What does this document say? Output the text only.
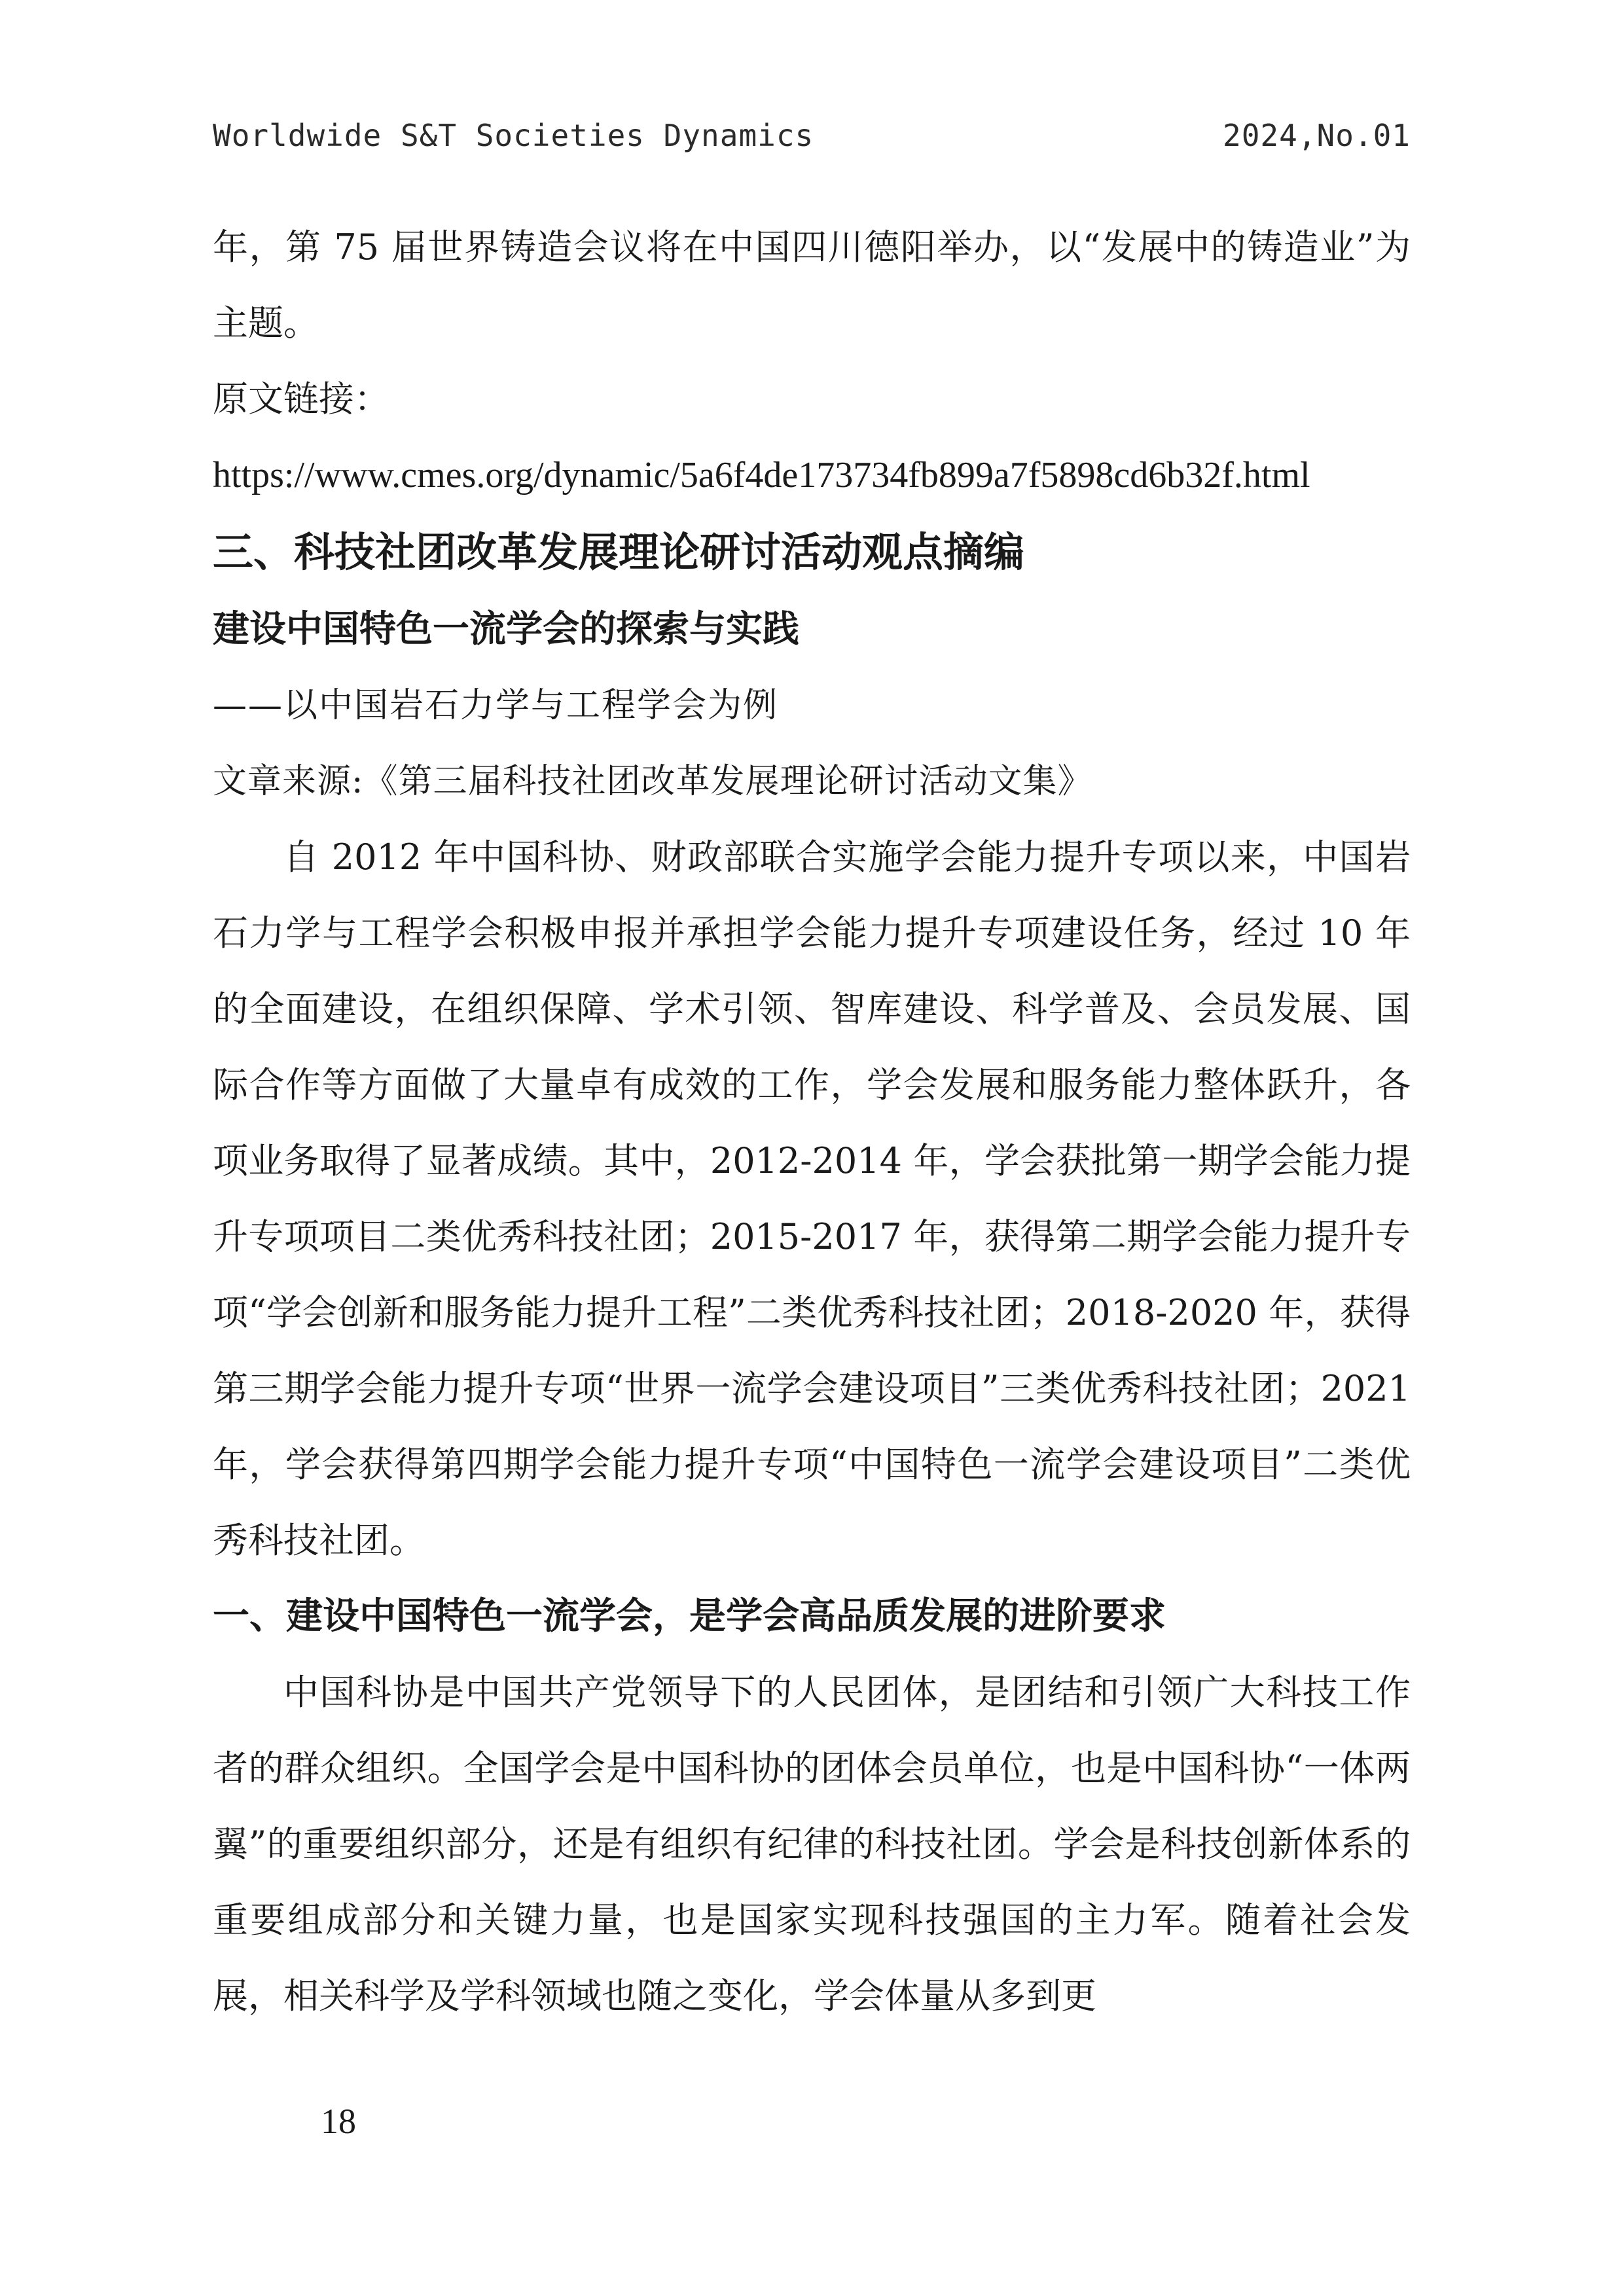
Worldwide S&T Societies Dynamics	2024,No.01

年，第 75 届世界铸造会议将在中国四川德阳举办，以“发展中的铸造业”为主题。

原文链接：

https://www.cmes.org/dynamic/5a6f4de173734fb899a7f5898cd6b32f.html

三、科技社团改革发展理论研讨活动观点摘编

建设中国特色一流学会的探索与实践

——以中国岩石力学与工程学会为例

文章来源:《第三届科技社团改革发展理论研讨活动文集》

自 2012 年中国科协、财政部联合实施学会能力提升专项以来，中国岩石力学与工程学会积极申报并承担学会能力提升专项建设任务，经过 10 年的全面建设，在组织保障、学术引领、智库建设、科学普及、会员发展、国际合作等方面做了大量卓有成效的工作，学会发展和服务能力整体跃升，各项业务取得了显著成绩。其中，2012-2014 年，学会获批第一期学会能力提升专项项目二类优秀科技社团；2015-2017 年，获得第二期学会能力提升专项“学会创新和服务能力提升工程”二类优秀科技社团；2018-2020 年，获得第三期学会能力提升专项“世界一流学会建设项目”三类优秀科技社团；2021 年，学会获得第四期学会能力提升专项“中国特色一流学会建设项目”二类优秀科技社团。

一、建设中国特色一流学会，是学会高品质发展的进阶要求

中国科协是中国共产党领导下的人民团体，是团结和引领广大科技工作者的群众组织。全国学会是中国科协的团体会员单位，也是中国科协“一体两翼”的重要组织部分，还是有组织有纪律的科技社团。学会是科技创新体系的重要组成部分和关键力量，也是国家实现科技强国的主力军。随着社会发展，相关科学及学科领域也随之变化，学会体量从多到更

18
